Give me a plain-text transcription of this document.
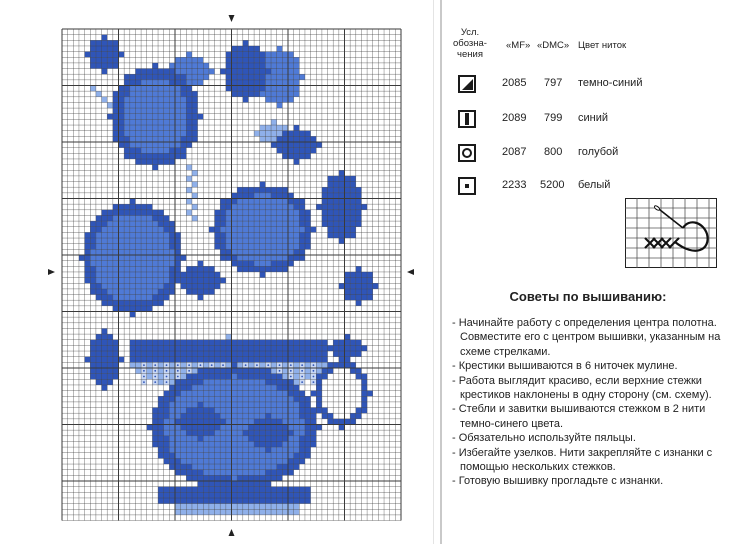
Усл.
обозна-
чения
«MF» «DMC» Цвет ниток
2085 797 темно-синий
2089 799 синий
2087 800 голубой
2233 5200 белый
Советы по вышиванию:
- Начинайте работу с определения центра полотна. Совместите его с центром вышивки, указанным на схеме стрелками.
- Крестики вышиваются в 6 ниточек мулине.
- Работа выглядит красиво, если верхние стежки крестиков наклонены в одну сторону (см. схему).
- Стебли и завитки вышиваются стежком в 2 нити темно-синего цвета.
- Обязательно используйте пяльцы.
- Избегайте узелков. Нити закрепляйте с изнанки с помощью нескольких стежков.
- Готовую вышивку прогладьте с изнанки.
